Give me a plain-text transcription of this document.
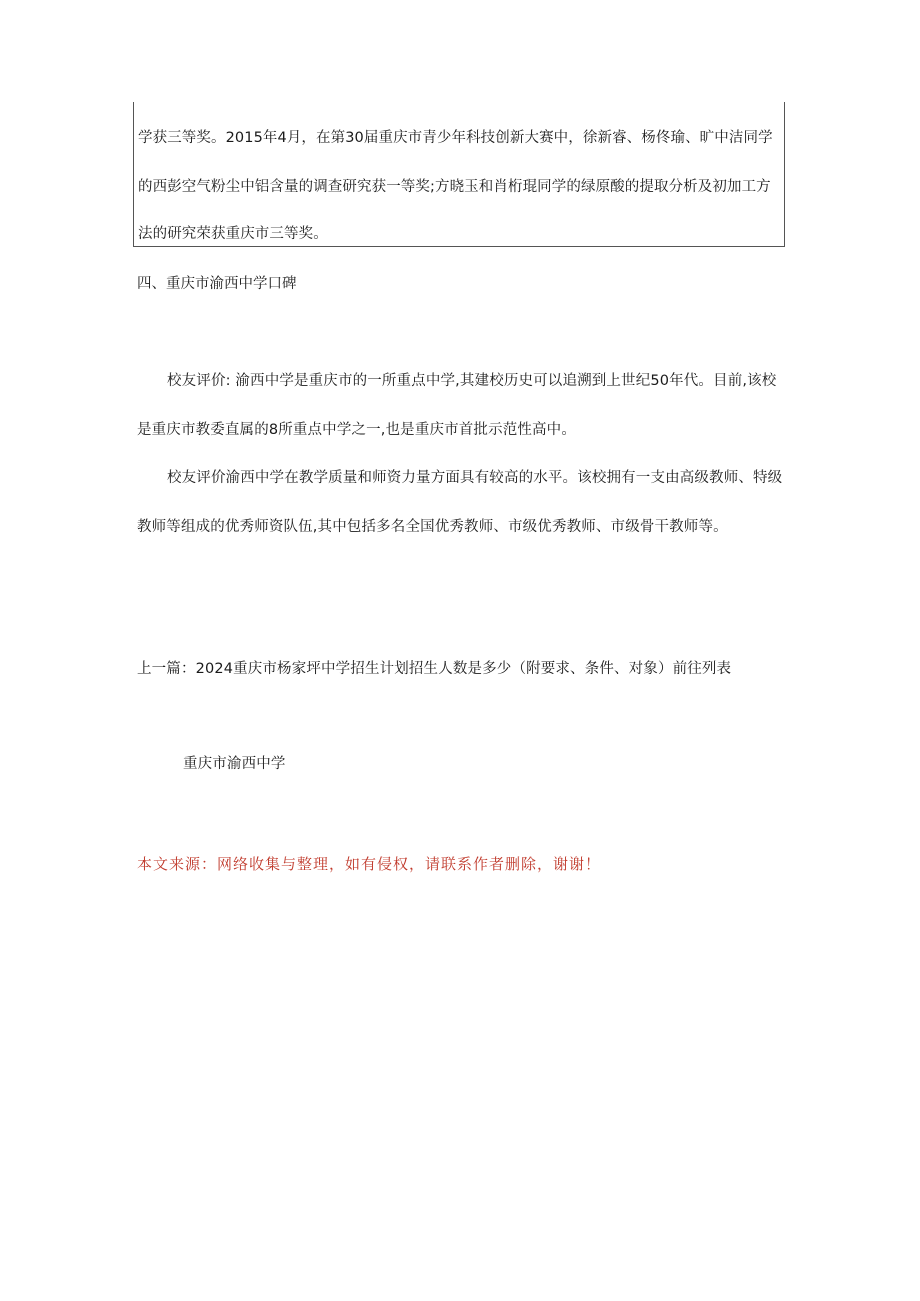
学获三等奖。2015年4月，在第30届重庆市青少年科技创新大赛中，徐新睿、杨佟瑜、旷中洁同学
的西彭空气粉尘中铝含量的调查研究获一等奖;方晓玉和肖桁琨同学的绿原酸的提取分析及初加工方
法的研究荣获重庆市三等奖。
四、重庆市渝西中学口碑
校友评价: 渝西中学是重庆市的一所重点中学,其建校历史可以追溯到上世纪50年代。目前,该校
是重庆市教委直属的8所重点中学之一,也是重庆市首批示范性高中。
校友评价渝西中学在教学质量和师资力量方面具有较高的水平。该校拥有一支由高级教师、特级
教师等组成的优秀师资队伍,其中包括多名全国优秀教师、市级优秀教师、市级骨干教师等。
上一篇：2024重庆市杨家坪中学招生计划招生人数是多少（附要求、条件、对象）前往列表
重庆市渝西中学
本文来源：网络收集与整理，如有侵权，请联系作者删除，谢谢！
